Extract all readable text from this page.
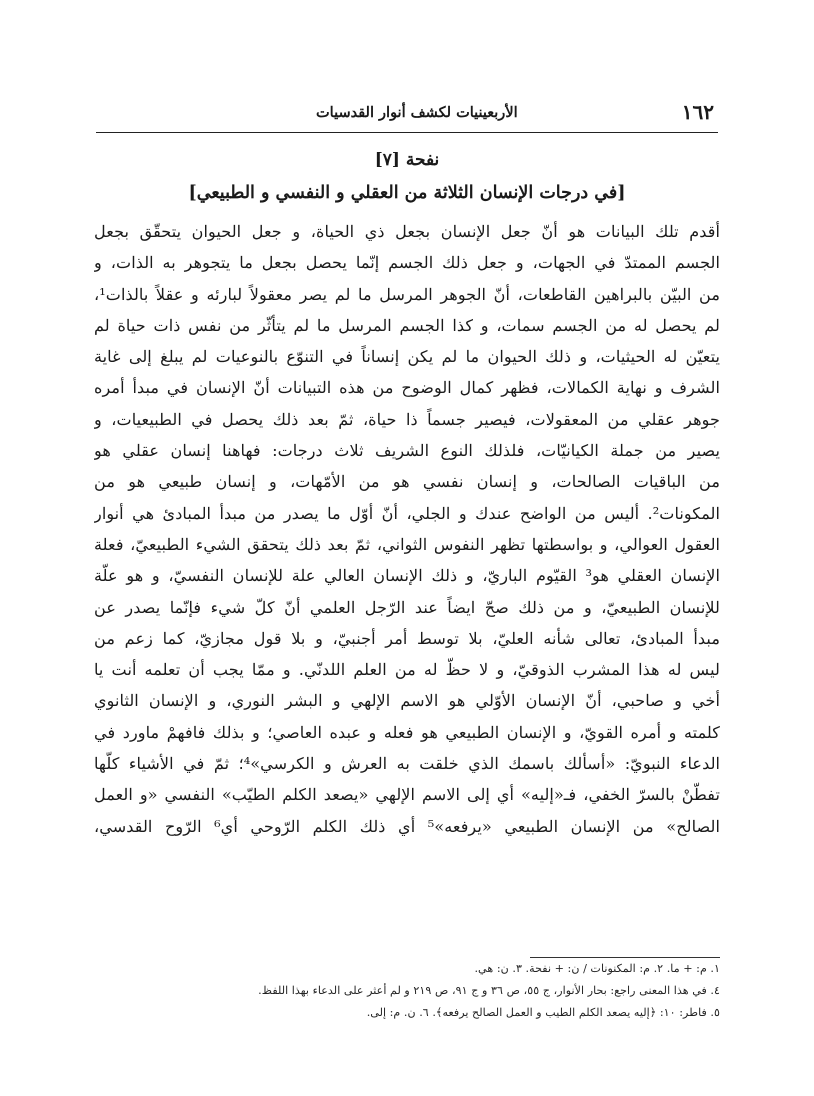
١٦٢
الأربعينيات لكشف أنوار القدسيات
نفحة [٧]
[في درجات الإنسان الثلاثة من العقلي و النفسي و الطبيعي]
أقدم تلك البيانات هو أنّ جعل الإنسان بجعل ذي الحياة، و جعل الحيوان يتحقّق بجعل
الجسم الممتدّ في الجهات، و جعل ذلك الجسم إنّما يحصل بجعل ما يتجوهر به الذات، و
من البيّن بالبراهين القاطعات، أنّ الجوهر المرسل ما لم يصر معقولاً لبارئه و عقلاً بالذات¹،
لم يحصل له من الجسم سمات، و كذا الجسم المرسل ما لم يتأثّر من نفس ذات حياة لم
يتعيّن له الحيثيات، و ذلك الحيوان ما لم يكن إنساناً في التنوّع بالنوعيات لم يبلغ إلى غاية
الشرف و نهاية الكمالات، فظهر كمال الوضوح من هذه التبيانات أنّ الإنسان في مبدأ أمره
جوهر عقلي من المعقولات، فيصير جسماً ذا حياة، ثمّ بعد ذلك يحصل في الطبيعيات، و
يصير من جملة الكيانيّات، فلذلك النوع الشريف ثلاث درجات: فهاهنا إنسان عقلي هو
من الباقيات الصالحات، و إنسان نفسي هو من الأمّهات، و إنسان طبيعي هو من
المكونات². أليس من الواضح عندك و الجلي، أنّ أوّل ما يصدر من مبدأ المبادئ هي أنوار
العقول العوالي، و بواسطتها تظهر النفوس الثواني، ثمّ بعد ذلك يتحقق الشيء الطبيعيّ، فعلة
الإنسان العقلي هو³ القيّوم الباريّ، و ذلك الإنسان العالي علة للإنسان النفسيّ، و هو علّة
للإنسان الطبيعيّ، و من ذلك صحّ ايضاً عند الرّجل العلمي أنّ كلّ شيء فإنّما يصدر عن
مبدأ المبادئ، تعالى شأنه العليّ، بلا توسط أمر أجنبيّ، و بلا قول مجازيّ، كما زعم من
ليس له هذا المشرب الذوقيّ، و لا حظّ له من العلم اللدنّي. و ممّا يجب أن تعلمه أنت يا
أخي و صاحبي، أنّ الإنسان الأوّلي هو الاسم الإلهي و البشر النوري، و الإنسان الثانوي
كلمته و أمره القويّ، و الإنسان الطبيعي هو فعله و عبده العاصي؛ و بذلك فافهمْ ماورد في
الدعاء النبويّ: «أسألك باسمك الذي خلقت به العرش و الكرسي»⁴؛ ثمّ في الأشياء كلّها
تفطّنْ بالسرّ الخفي، فـ«إليه» أي إلى الاسم الإلهي «يصعد الكلم الطيّب» النفسي «و العمل
الصالح» من الإنسان الطبيعي «يرفعه»⁵ أي ذلك الكلم الرّوحي أي⁶ الرّوح القدسي،
١. م: + ما. ٢. م: المكنونات / ن: + نفحة. ٣. ن: هي.
٤. في هذا المعنى راجع: بحار الأنوار، ج ٥٥، ص ٣٦ و ج ٩١، ص ٢١٩ و لم أعثر على الدعاء بهذا اللفظ.
٥. فاطر: ١٠: ﴿إليه يصعد الكلم الطيب و العمل الصالح يرفعه﴾. ٦. ن. م: إلى.
